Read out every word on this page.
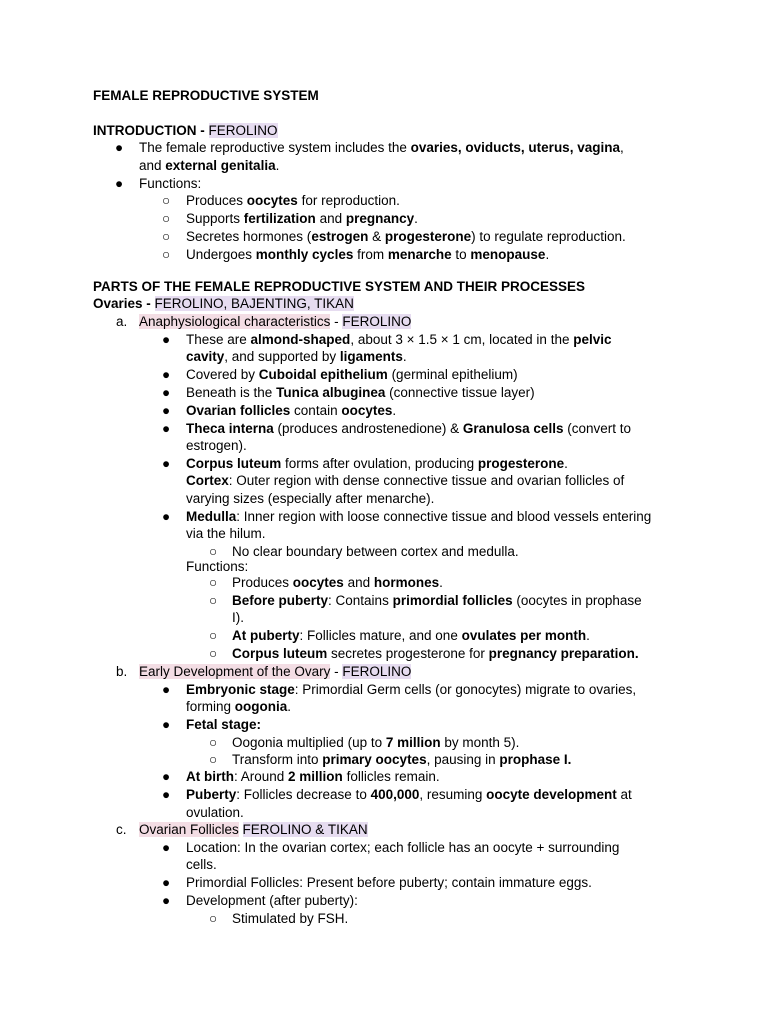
FEMALE REPRODUCTIVE SYSTEM
INTRODUCTION - FEROLINO
● The female reproductive system includes the ovaries, oviducts, uterus, vagina,
and external genitalia.
● Functions:
○ Produces oocytes for reproduction.
○ Supports fertilization and pregnancy.
○ Secretes hormones (estrogen & progesterone) to regulate reproduction.
○ Undergoes monthly cycles from menarche to menopause.
PARTS OF THE FEMALE REPRODUCTIVE SYSTEM AND THEIR PROCESSES
Ovaries - FEROLINO, BAJENTING, TIKAN
a. Anaphysiological characteristics - FEROLINO
● These are almond-shaped, about 3 × 1.5 × 1 cm, located in the pelvic
cavity, and supported by ligaments.
● Covered by Cuboidal epithelium (germinal epithelium)
● Beneath is the Tunica albuginea (connective tissue layer)
● Ovarian follicles contain oocytes.
● Theca interna (produces androstenedione) & Granulosa cells (convert to
estrogen).
● Corpus luteum forms after ovulation, producing progesterone.
Cortex: Outer region with dense connective tissue and ovarian follicles of
varying sizes (especially after menarche).
● Medulla: Inner region with loose connective tissue and blood vessels entering
via the hilum.
○ No clear boundary between cortex and medulla.
Functions:
○ Produces oocytes and hormones.
○ Before puberty: Contains primordial follicles (oocytes in prophase
I).
○ At puberty: Follicles mature, and one ovulates per month.
○ Corpus luteum secretes progesterone for pregnancy preparation.
b. Early Development of the Ovary - FEROLINO
● Embryonic stage: Primordial Germ cells (or gonocytes) migrate to ovaries,
forming oogonia.
● Fetal stage:
○ Oogonia multiplied (up to 7 million by month 5).
○ Transform into primary oocytes, pausing in prophase I.
● At birth: Around 2 million follicles remain.
● Puberty: Follicles decrease to 400,000, resuming oocyte development at
ovulation.
c. Ovarian Follicles FEROLINO & TIKAN
● Location: In the ovarian cortex; each follicle has an oocyte + surrounding
cells.
● Primordial Follicles: Present before puberty; contain immature eggs.
● Development (after puberty):
○ Stimulated by FSH.
